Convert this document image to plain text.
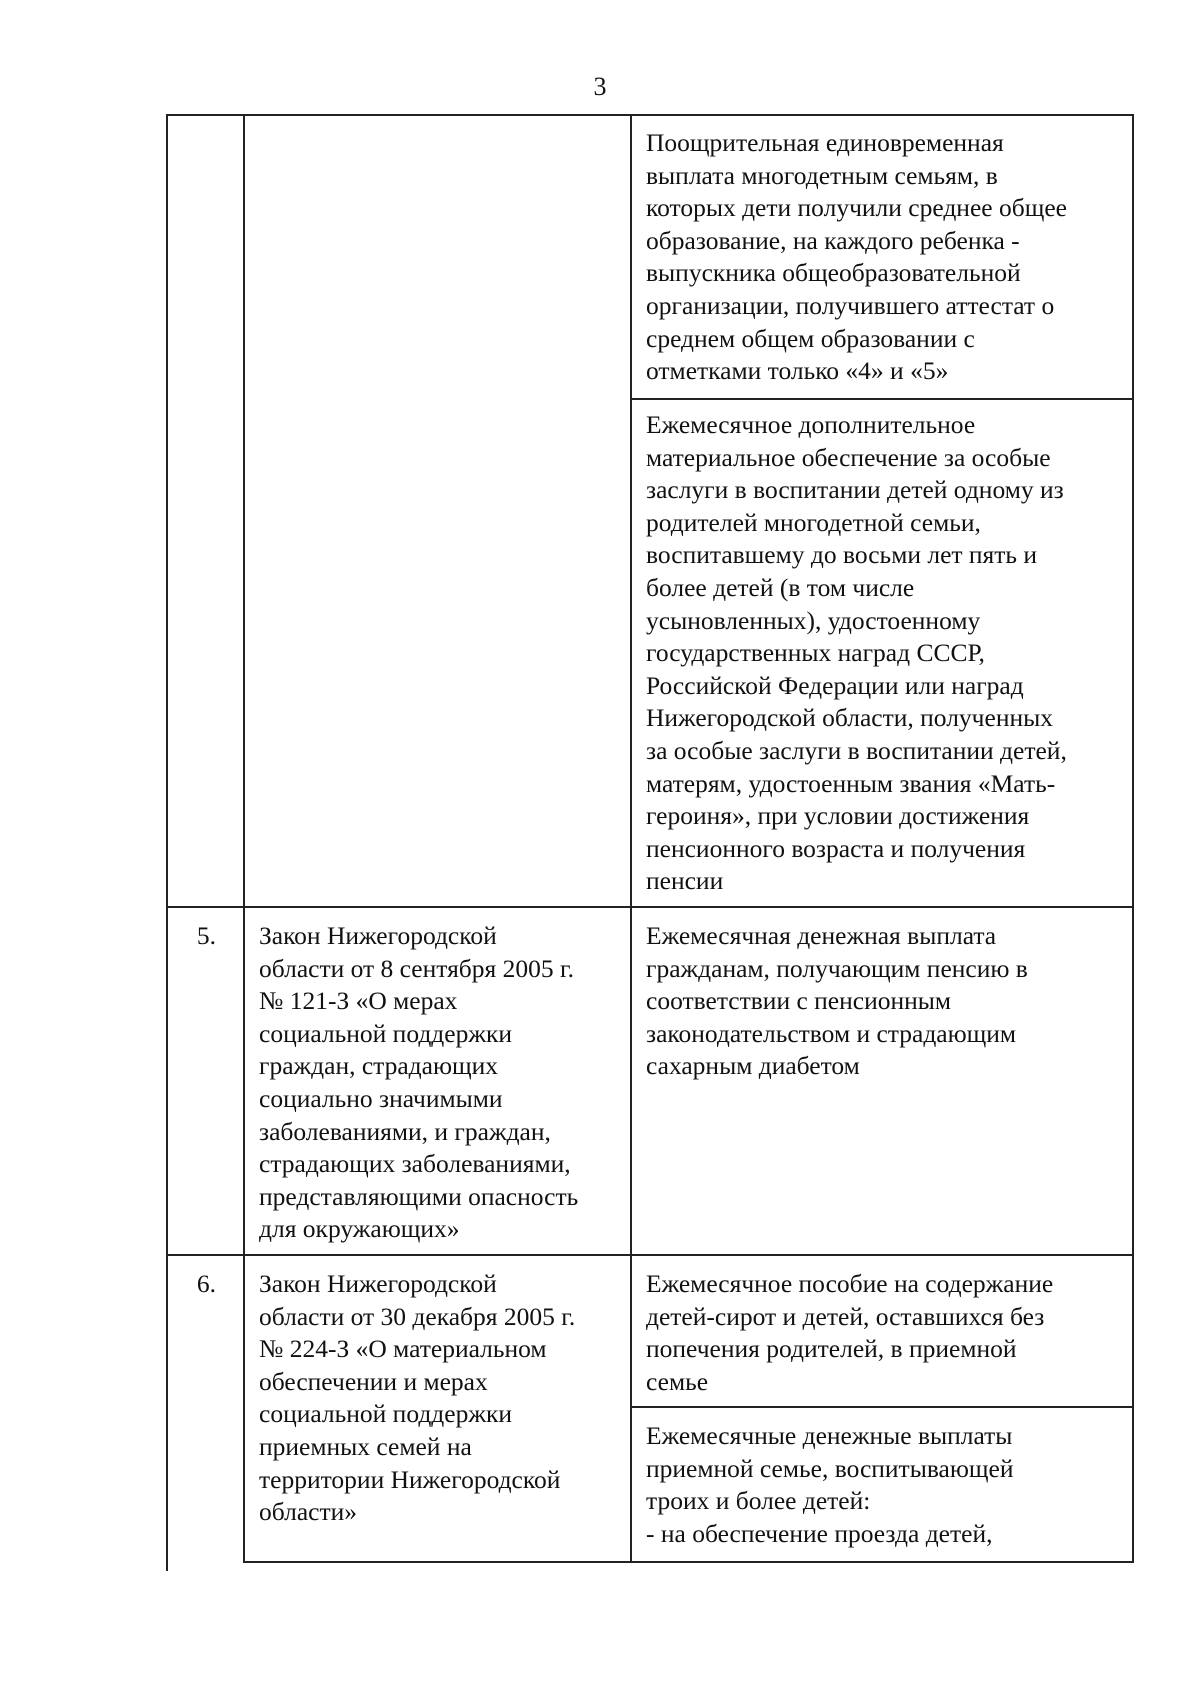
3
Поощрительная единовременная
выплата многодетным семьям, в
которых дети получили среднее общее
образование, на каждого ребенка -
выпускника общеобразовательной
организации, получившего аттестат о
среднем общем образовании с
отметками только «4» и «5»
Ежемесячное дополнительное
материальное обеспечение за особые
заслуги в воспитании детей одному из
родителей многодетной семьи,
воспитавшему до восьми лет пять и
более детей (в том числе
усыновленных), удостоенному
государственных наград СССР,
Российской Федерации или наград
Нижегородской области, полученных
за особые заслуги в воспитании детей,
матерям, удостоенным звания «Мать-
героиня», при условии достижения
пенсионного возраста и получения
пенсии
5. Закон Нижегородской
области от 8 сентября 2005 г.
№ 121-З «О мерах
социальной поддержки
граждан, страдающих
социально значимыми
заболеваниями, и граждан,
страдающих заболеваниями,
представляющими опасность
для окружающих»
Ежемесячная денежная выплата
гражданам, получающим пенсию в
соответствии с пенсионным
законодательством и страдающим
сахарным диабетом
6. Закон Нижегородской
области от 30 декабря 2005 г.
№ 224-З «О материальном
обеспечении и мерах
социальной поддержки
приемных семей на
территории Нижегородской
области»
Ежемесячное пособие на содержание
детей-сирот и детей, оставшихся без
попечения родителей, в приемной
семье
Ежемесячные денежные выплаты
приемной семье, воспитывающей
троих и более детей:
- на обеспечение проезда детей,
